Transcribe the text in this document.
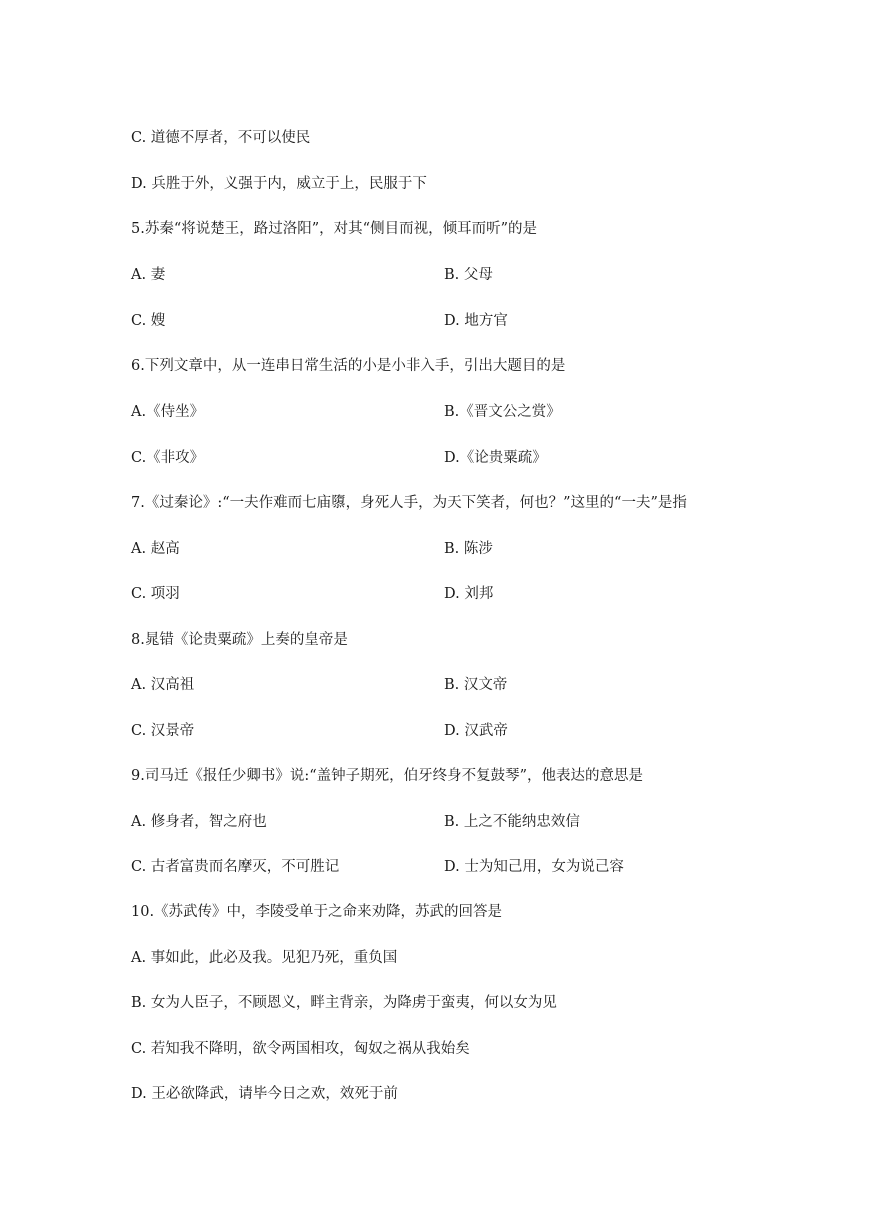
C. 道德不厚者，不可以使民
D. 兵胜于外，义强于内，威立于上，民服于下
5.苏秦“将说楚王，路过洛阳”，对其“侧目而视，倾耳而听”的是
A. 妻	B. 父母
C. 嫂	D. 地方官
6.下列文章中，从一连串日常生活的小是小非入手，引出大题目的是
A.《侍坐》	B.《晋文公之赏》
C.《非攻》	D.《论贵粟疏》
7.《过秦论》:“一夫作难而七庙隳，身死人手，为天下笑者，何也？”这里的“一夫”是指
A. 赵高	B. 陈涉
C. 项羽	D. 刘邦
8.晁错《论贵粟疏》上奏的皇帝是
A. 汉高祖	B. 汉文帝
C. 汉景帝	D. 汉武帝
9.司马迁《报任少卿书》说:“盖钟子期死，伯牙终身不复鼓琴”，他表达的意思是
A. 修身者，智之府也	B. 上之不能纳忠效信
C. 古者富贵而名摩灭，不可胜记	D. 士为知己用，女为说己容
10.《苏武传》中，李陵受单于之命来劝降，苏武的回答是
A. 事如此，此必及我。见犯乃死，重负国
B. 女为人臣子，不顾恩义，畔主背亲，为降虏于蛮夷，何以女为见
C. 若知我不降明，欲令两国相攻，匈奴之祸从我始矣
D. 王必欲降武，请毕今日之欢，效死于前
